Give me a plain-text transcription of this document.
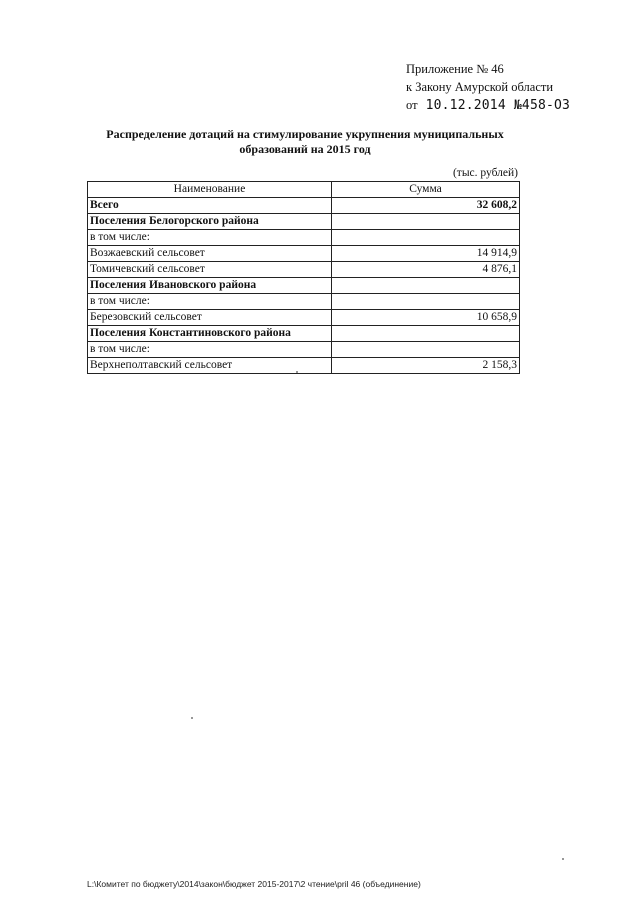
Приложение № 46
к Закону Амурской области
от 10.12.2014 №458-ОЗ
Распределение дотаций на стимулирование укрупнения муниципальных образований на 2015 год
(тыс. рублей)
Наименование	Сумма
Всего	32 608,2
Поселения Белогорского района	
в том числе:	
Возжаевский сельсовет	14 914,9
Томичевский сельсовет	4 876,1
Поселения Ивановского района	
в том числе:	
Березовский сельсовет	10 658,9
Поселения Константиновского района	
в том числе:	
Верхнеполтавский сельсовет	2 158,3
L:\Комитет по бюджету\2014\закон\бюджет 2015-2017\2 чтение\pril 46 (объединение)
